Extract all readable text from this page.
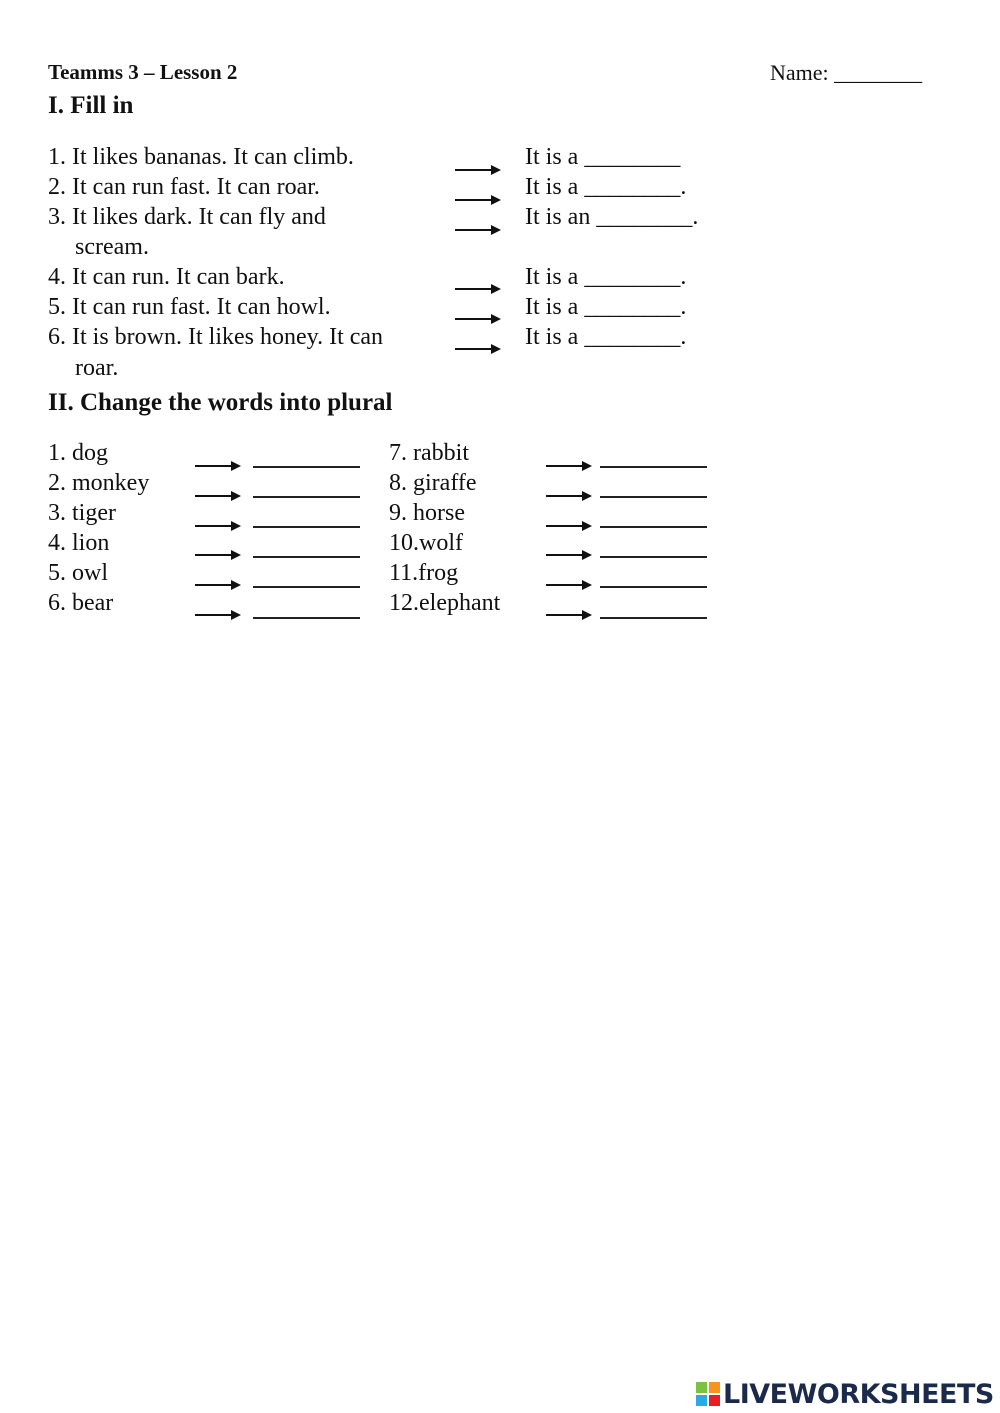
Teamms 3 – Lesson 2	Name: ________
I. Fill in
1. It likes bananas. It can climb.	It is a ________
2. It can run fast. It can roar.	It is a ________.
3. It likes dark. It can fly and
scream.
It is an ________.
4. It can run. It can bark.	It is a ________.
5. It can run fast. It can howl.	It is a ________.
6. It is brown. It likes honey. It can
roar.
It is a ________.
II. Change the words into plural
1. dog
2. monkey
3. tiger
4. lion
5. owl
6. bear
7. rabbit
8. giraffe
9. horse
10.wolf
11.frog
12.elephant
LIVEWORKSHEETS
